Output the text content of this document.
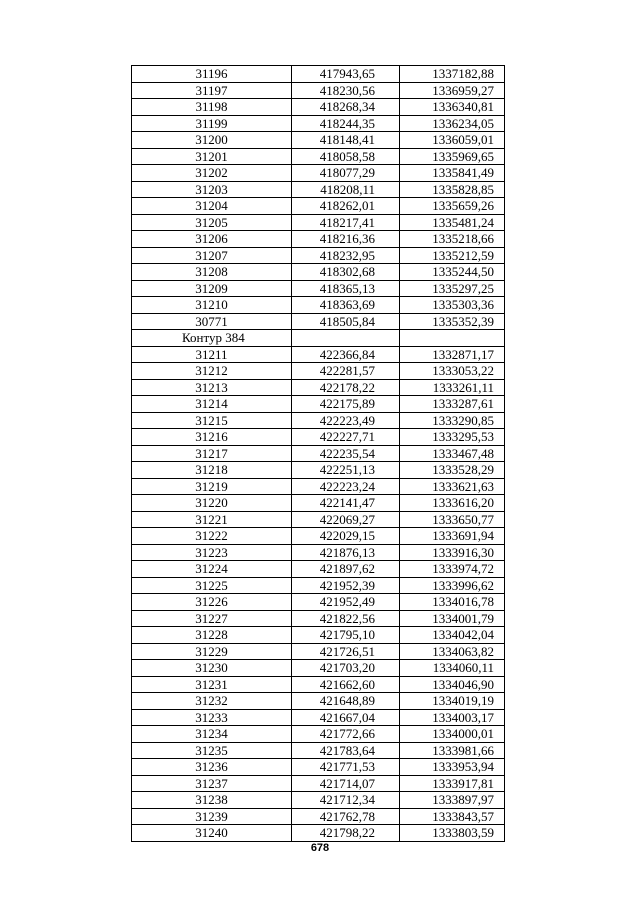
31196	417943,65	1337182,88
31197	418230,56	1336959,27
31198	418268,34	1336340,81
31199	418244,35	1336234,05
31200	418148,41	1336059,01
31201	418058,58	1335969,65
31202	418077,29	1335841,49
31203	418208,11	1335828,85
31204	418262,01	1335659,26
31205	418217,41	1335481,24
31206	418216,36	1335218,66
31207	418232,95	1335212,59
31208	418302,68	1335244,50
31209	418365,13	1335297,25
31210	418363,69	1335303,36
30771	418505,84	1335352,39
Контур 384		
31211	422366,84	1332871,17
31212	422281,57	1333053,22
31213	422178,22	1333261,11
31214	422175,89	1333287,61
31215	422223,49	1333290,85
31216	422227,71	1333295,53
31217	422235,54	1333467,48
31218	422251,13	1333528,29
31219	422223,24	1333621,63
31220	422141,47	1333616,20
31221	422069,27	1333650,77
31222	422029,15	1333691,94
31223	421876,13	1333916,30
31224	421897,62	1333974,72
31225	421952,39	1333996,62
31226	421952,49	1334016,78
31227	421822,56	1334001,79
31228	421795,10	1334042,04
31229	421726,51	1334063,82
31230	421703,20	1334060,11
31231	421662,60	1334046,90
31232	421648,89	1334019,19
31233	421667,04	1334003,17
31234	421772,66	1334000,01
31235	421783,64	1333981,66
31236	421771,53	1333953,94
31237	421714,07	1333917,81
31238	421712,34	1333897,97
31239	421762,78	1333843,57
31240	421798,22	1333803,59
678
